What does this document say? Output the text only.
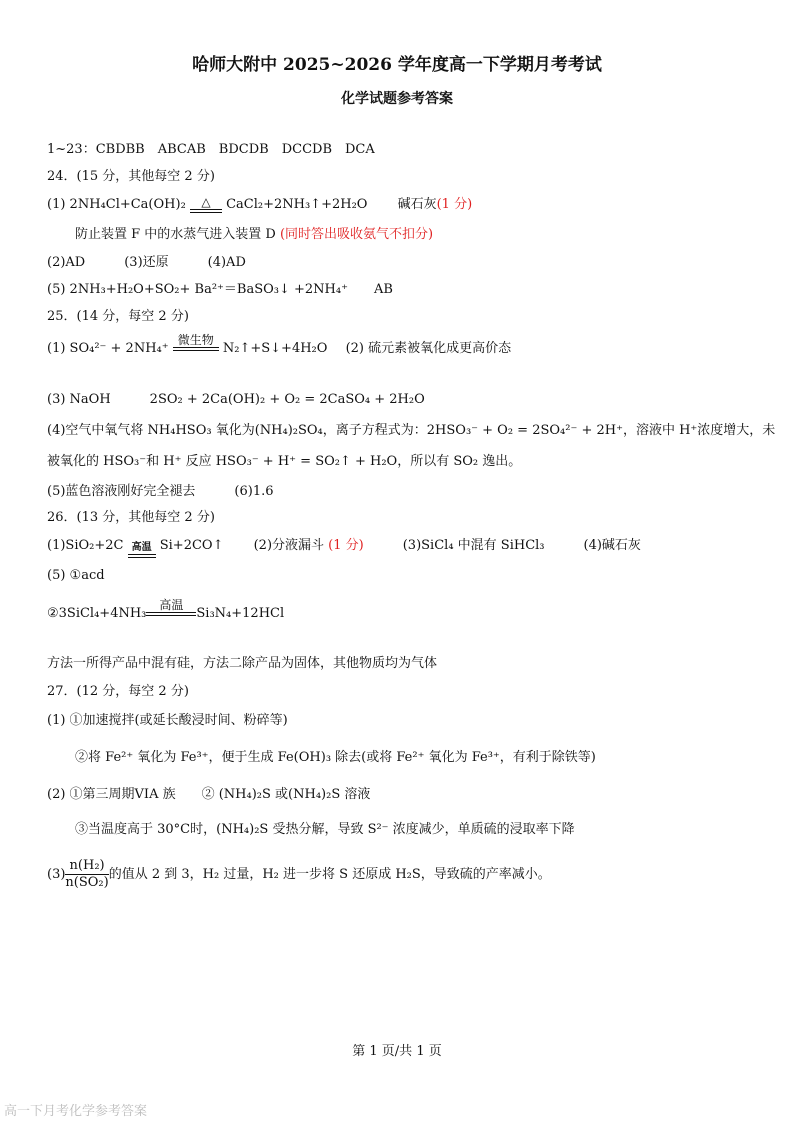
哈师大附中 2025~2026 学年度高一下学期月考考试
化学试题参考答案
1~23：CBDBB　ABCAB　BDCDB　DCCDB　DCA
24．(15 分，其他每空 2 分)
(1) 2NH₄Cl+Ca(OH)₂	△	CaCl₂+2NH₃↑+2H₂O 碱石灰(1 分)
防止装置 F 中的水蒸气进入装置 D (同时答出吸收氨气不扣分)
(2)AD　　　(3)还原　　　(4)AD
(5) 2NH₃+H₂O+SO₂+ Ba²⁺＝BaSO₃↓ +2NH₄⁺　　AB
25．(14 分，每空 2 分)
(1) SO₄²⁻ + 2NH₄⁺
微生物
N₂↑+S↓+4H₂O (2) 硫元素被氧化成更高价态
(3) NaOH　　　2SO₂ + 2Ca(OH)₂ + O₂ = 2CaSO₄ + 2H₂O
(4)空气中氧气将 NH₄HSO₃ 氧化为(NH₄)₂SO₄，离子方程式为：2HSO₃⁻ + O₂ = 2SO₄²⁻ + 2H⁺，溶液中 H⁺浓度增大，未
被氧化的 HSO₃⁻和 H⁺ 反应 HSO₃⁻ + H⁺ = SO₂↑ + H₂O，所以有 SO₂ 逸出。
(5)蓝色溶液刚好完全褪去　　　(6)1.6
26．(13 分，其他每空 2 分)
(1)SiO₂+2C 高温 Si+2CO↑ 　　(2)分液漏斗 (1 分)　　　(3)SiCl₄ 中混有 SiHCl₃　　　(4)碱石灰
(5) ①acd
②3SiCl₄+4NH₃
高温
Si₃N₄+12HCl
方法一所得产品中混有硅，方法二除产品为固体，其他物质均为气体
27．(12 分，每空 2 分)
(1) ①加速搅拌(或延长酸浸时间、粉碎等)
②将 Fe²⁺ 氧化为 Fe³⁺，便于生成 Fe(OH)₃ 除去(或将 Fe²⁺ 氧化为 Fe³⁺，有利于除铁等)
(2) ①第三周期VIA 族　　② (NH₄)₂S 或(NH₄)₂S 溶液
③当温度高于 30°C时，(NH₄)₂S 受热分解，导致 S²⁻ 浓度减少，单质硫的浸取率下降
$(3) \frac{\text{n(H₂)}}{\text{n(SO₂)}}$ 的值从 2 到 3，H₂ 过量，H₂ 进一步将 S 还原成 H₂S，导致硫的产率减小。
第 1 页/共 1 页
高一下月考化学参考答案
